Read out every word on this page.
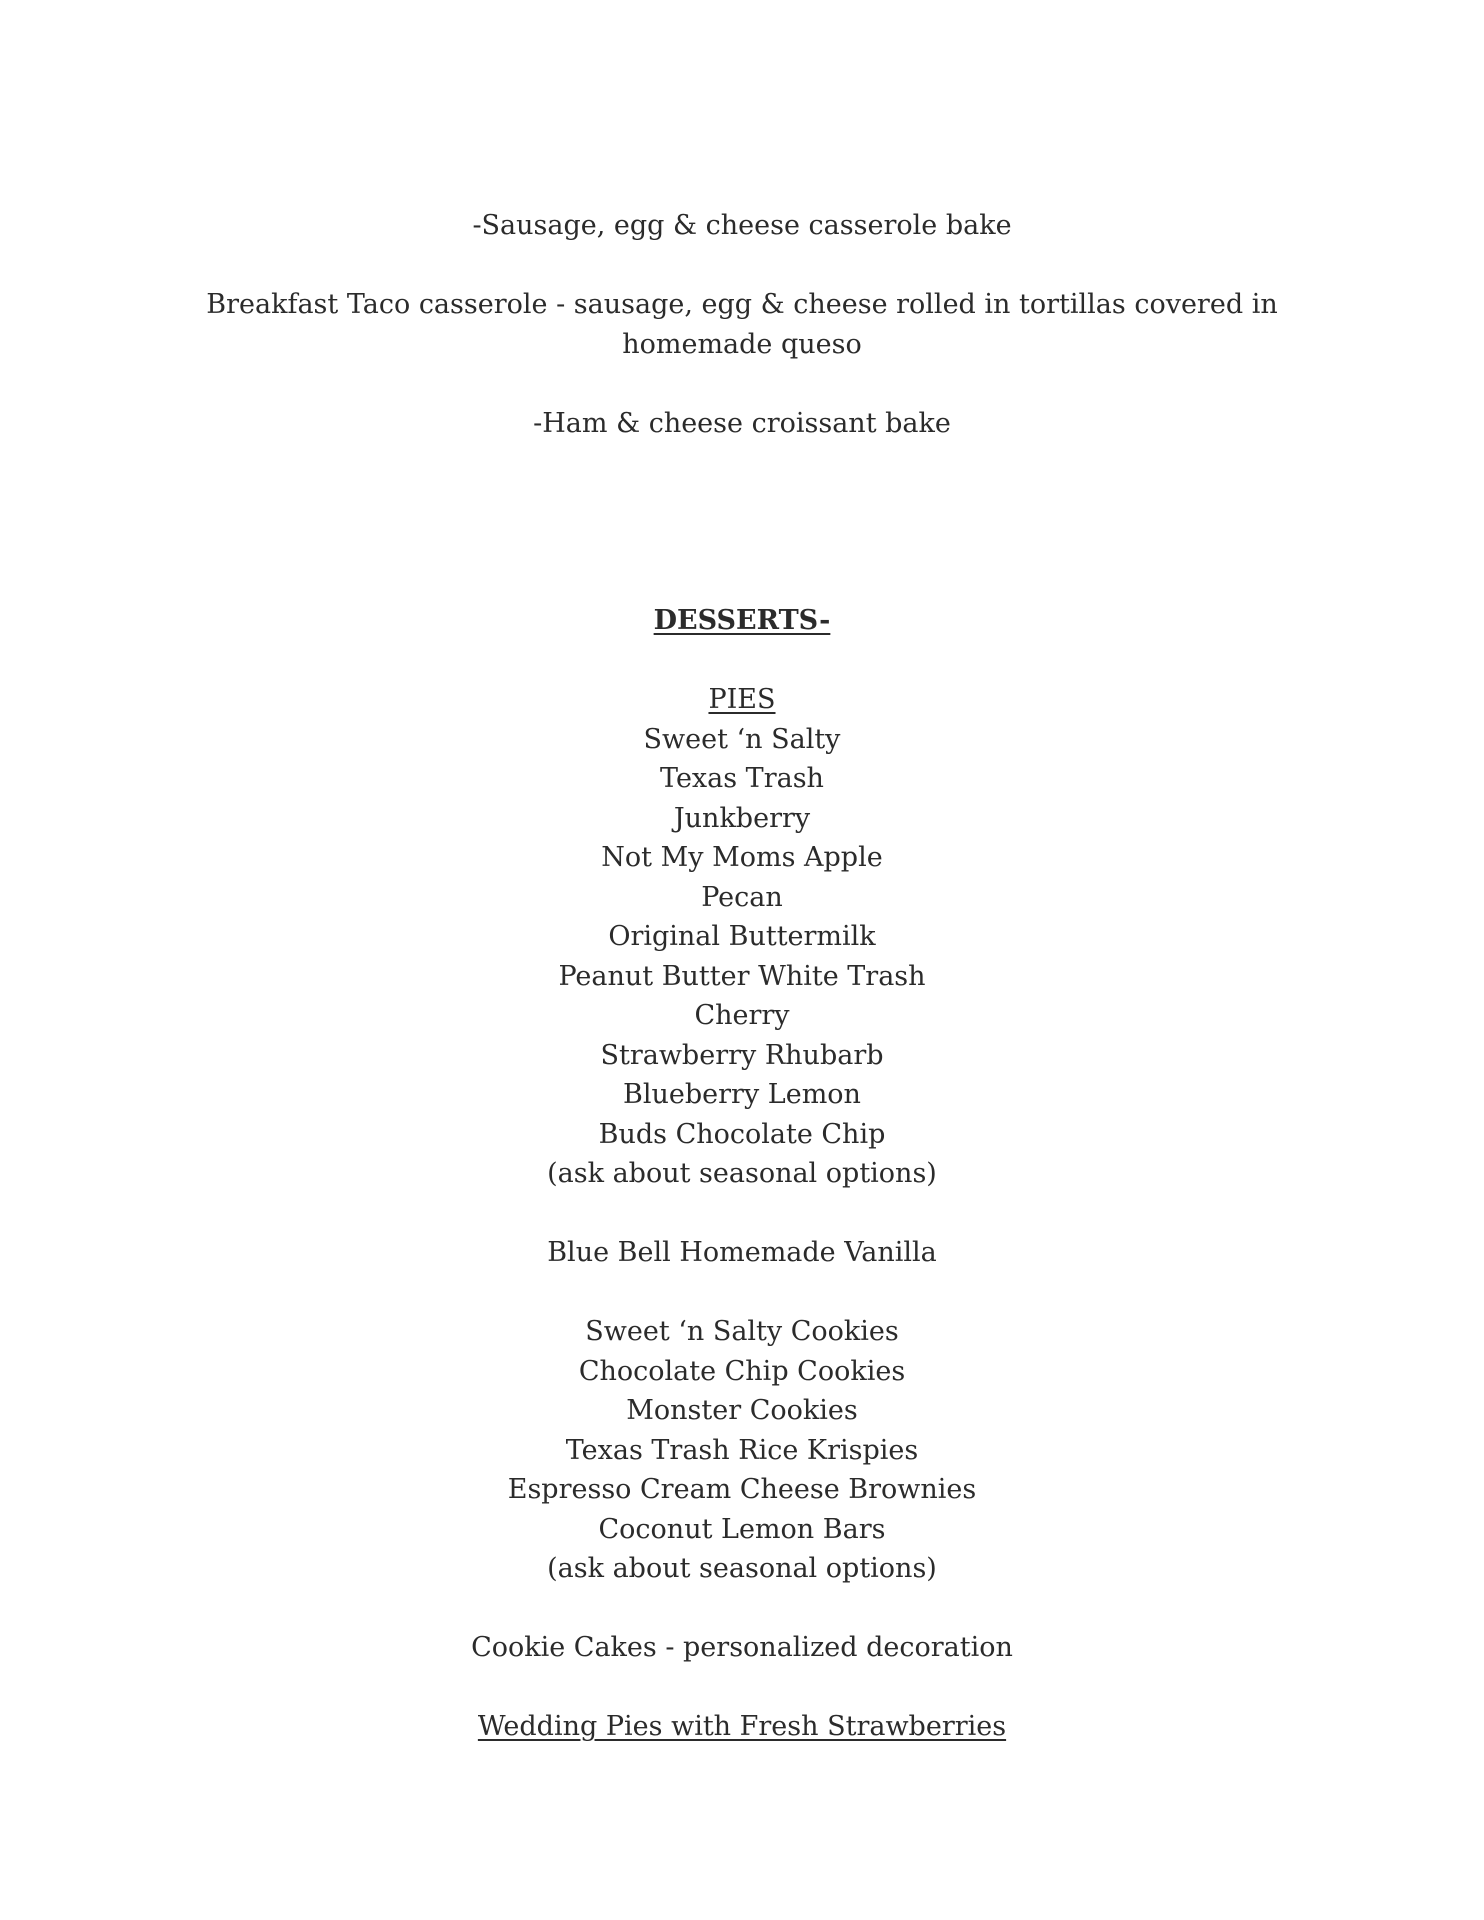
-Sausage, egg & cheese casserole bake

Breakfast Taco casserole - sausage, egg & cheese rolled in tortillas covered in homemade queso

-Ham & cheese croissant bake

DESSERTS-

PIES

Sweet ‘n Salty

Texas Trash

Junkberry

Not My Moms Apple

Pecan

Original Buttermilk

Peanut Butter White Trash

Cherry

Strawberry Rhubarb

Blueberry Lemon

Buds Chocolate Chip

(ask about seasonal options)

Blue Bell Homemade Vanilla

Sweet ‘n Salty Cookies

Chocolate Chip Cookies

Monster Cookies

Texas Trash Rice Krispies

Espresso Cream Cheese Brownies

Coconut Lemon Bars

(ask about seasonal options)

Cookie Cakes - personalized decoration

Wedding Pies with Fresh Strawberries
